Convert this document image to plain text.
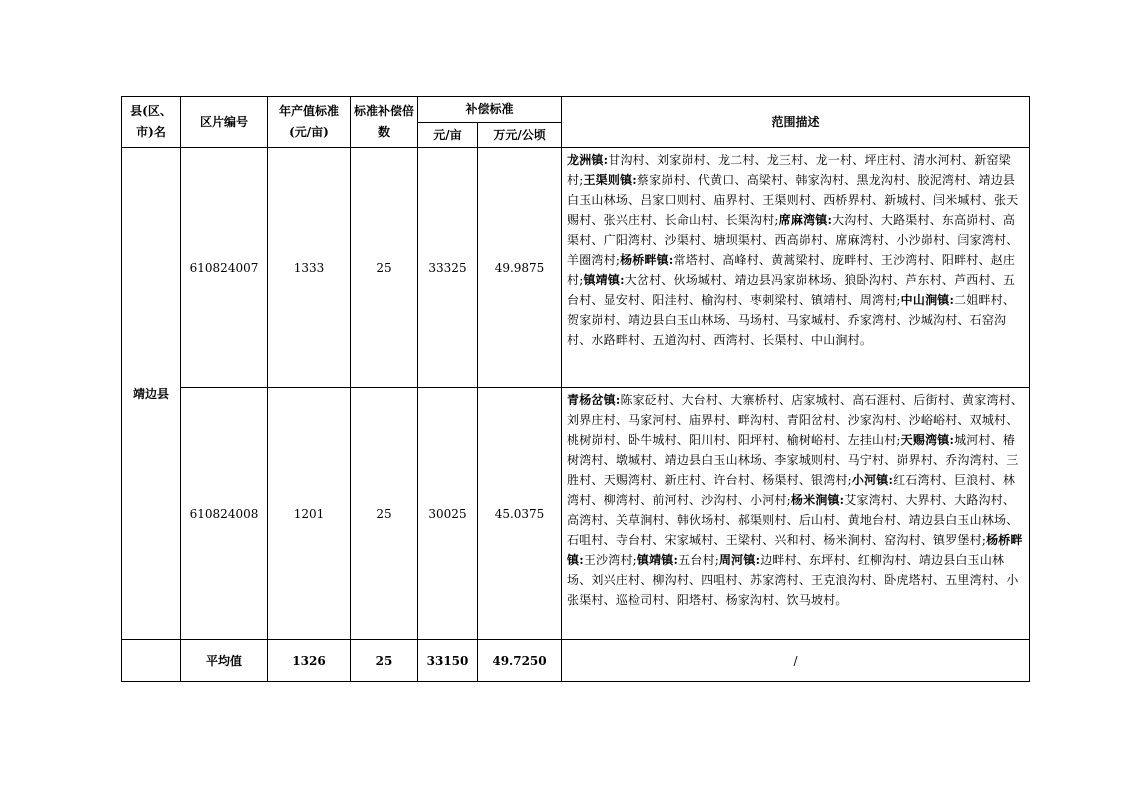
县(区、市)名	区片编号	年产值标准(元/亩)	标准补偿倍数	补偿标准		范围描述
				元/亩	万元/公顷	
靖边县	610824007	1333	25	33325	49.9875	龙洲镇:甘沟村、刘家峁村、龙二村、龙三村、龙一村、坪庄村、清水河村、新窑梁村;王渠则镇:蔡家峁村、代黄口、高梁村、韩家沟村、黑龙沟村、胶泥湾村、靖边县白玉山林场、吕家口则村、庙界村、王渠则村、西桥界村、新城村、闫米堿村、张天赐村、张兴庄村、长命山村、长渠沟村;席麻湾镇:大沟村、大路渠村、东高峁村、高渠村、广阳湾村、沙渠村、塘坝渠村、西高峁村、席麻湾村、小沙峁村、闫家湾村、羊圈湾村;杨桥畔镇:常塔村、高峰村、黄蒿梁村、庞畔村、王沙湾村、阳畔村、赵庄村;镇靖镇:大岔村、伙场堿村、靖边县冯家峁林场、狼卧沟村、芦东村、芦西村、五台村、显安村、阳洼村、榆沟村、枣刺梁村、镇靖村、周湾村;中山涧镇:二姐畔村、贺家峁村、靖边县白玉山林场、马场村、马家堿村、乔家湾村、沙堿沟村、石窑沟村、水路畔村、五道沟村、西湾村、长渠村、中山涧村。
	610824008	1201	25	30025	45.0375	青杨岔镇:陈家砭村、大台村、大寨桥村、店家城村、高石涯村、后街村、黄家湾村、刘界庄村、马家河村、庙界村、畔沟村、青阳岔村、沙家沟村、沙峪峪村、双城村、桃树峁村、卧牛城村、阳川村、阳坪村、榆树峪村、左挂山村;天赐湾镇:城河村、椿树湾村、墩堿村、靖边县白玉山林场、李家城则村、马宁村、峁界村、乔沟湾村、三胜村、天赐湾村、新庄村、许台村、杨渠村、银湾村;小河镇:红石湾村、巨浪村、林湾村、柳湾村、前河村、沙沟村、小河村;杨米涧镇:艾家湾村、大界村、大路沟村、高湾村、关草涧村、韩伙场村、郝渠则村、后山村、黄地台村、靖边县白玉山林场、石咀村、寺台村、宋家堿村、王梁村、兴和村、杨米涧村、窑沟村、镇罗堡村;杨桥畔镇:王沙湾村;镇靖镇:五台村;周河镇:边畔村、东坪村、红柳沟村、靖边县白玉山林场、刘兴庄村、柳沟村、四咀村、苏家湾村、王克浪沟村、卧虎塔村、五里湾村、小张渠村、巡检司村、阳塔村、杨家沟村、饮马坡村。
	平均值	1326	25	33150	49.7250	/
